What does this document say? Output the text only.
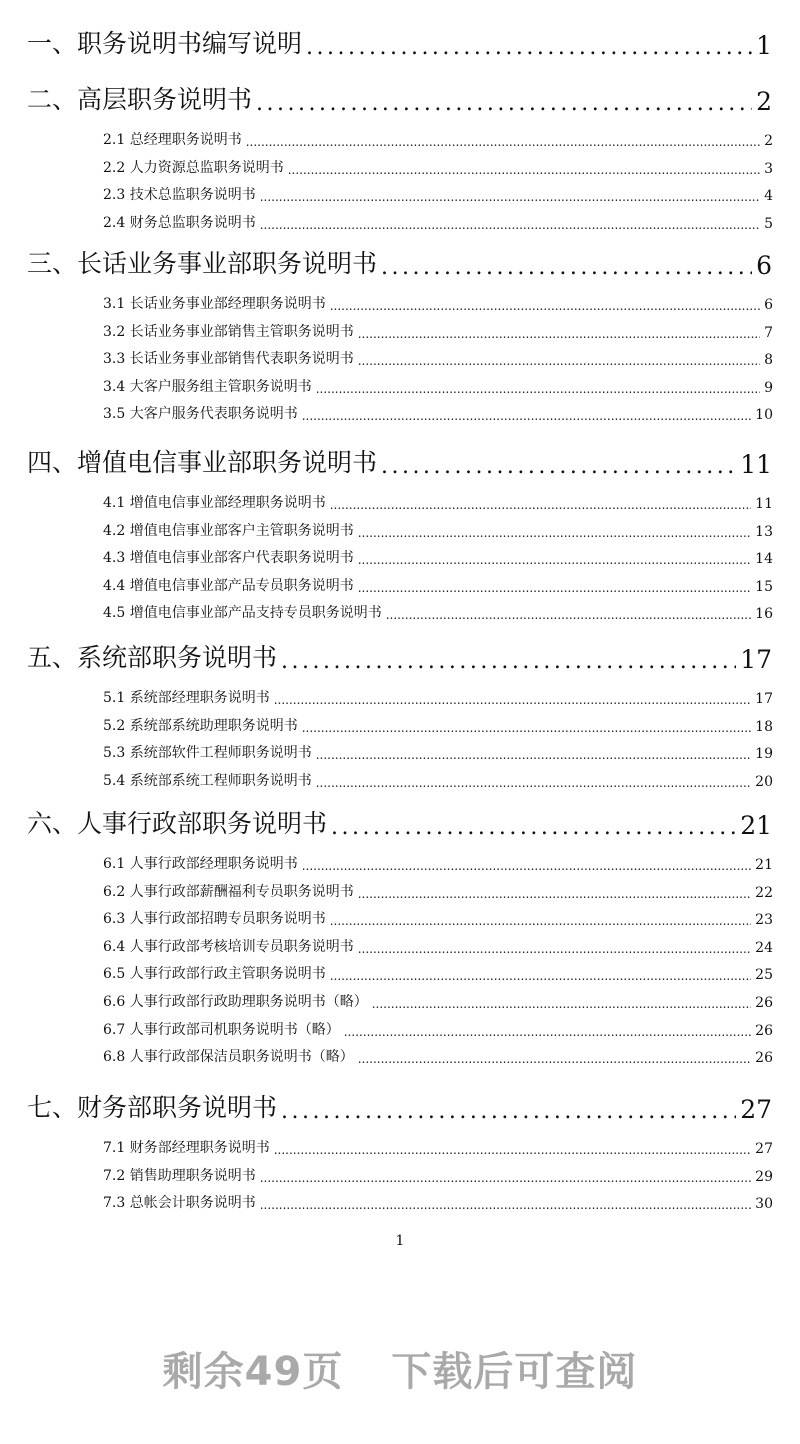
一、职务说明书编写说明 .....	1
二、高层职务说明书 .....	2
2.1 总经理职务说明书 .....	2
2.2 人力资源总监职务说明书 .....	3
2.3 技术总监职务说明书 .....	4
2.4 财务总监职务说明书 .....	5
三、长话业务事业部职务说明书 .....	6
3.1 长话业务事业部经理职务说明书 .....	6
3.2 长话业务事业部销售主管职务说明书 .....	7
3.3 长话业务事业部销售代表职务说明书 .....	8
3.4 大客户服务组主管职务说明书 .....	9
3.5 大客户服务代表职务说明书 .....	10
四、增值电信事业部职务说明书 .....	11
4.1 增值电信事业部经理职务说明书 .....	11
4.2 增值电信事业部客户主管职务说明书 .....	13
4.3 增值电信事业部客户代表职务说明书 .....	14
4.4 增值电信事业部产品专员职务说明书 .....	15
4.5 增值电信事业部产品支持专员职务说明书 .....	16
五、系统部职务说明书 .....	17
5.1 系统部经理职务说明书 .....	17
5.2 系统部系统助理职务说明书 .....	18
5.3 系统部软件工程师职务说明书 .....	19
5.4 系统部系统工程师职务说明书 .....	20
六、人事行政部职务说明书 .....	21
6.1 人事行政部经理职务说明书 .....	21
6.2 人事行政部薪酬福利专员职务说明书 .....	22
6.3 人事行政部招聘专员职务说明书 .....	23
6.4 人事行政部考核培训专员职务说明书 .....	24
6.5 人事行政部行政主管职务说明书 .....	25
6.6 人事行政部行政助理职务说明书（略） .....	26
6.7 人事行政部司机职务说明书（略） .....	26
6.8 人事行政部保洁员职务说明书（略） .....	26
七、财务部职务说明书 .....	27
7.1 财务部经理职务说明书 .....	27
7.2 销售助理职务说明书 .....	29
7.3 总帐会计职务说明书 .....	30
1
剩余49页 下载后可查阅
